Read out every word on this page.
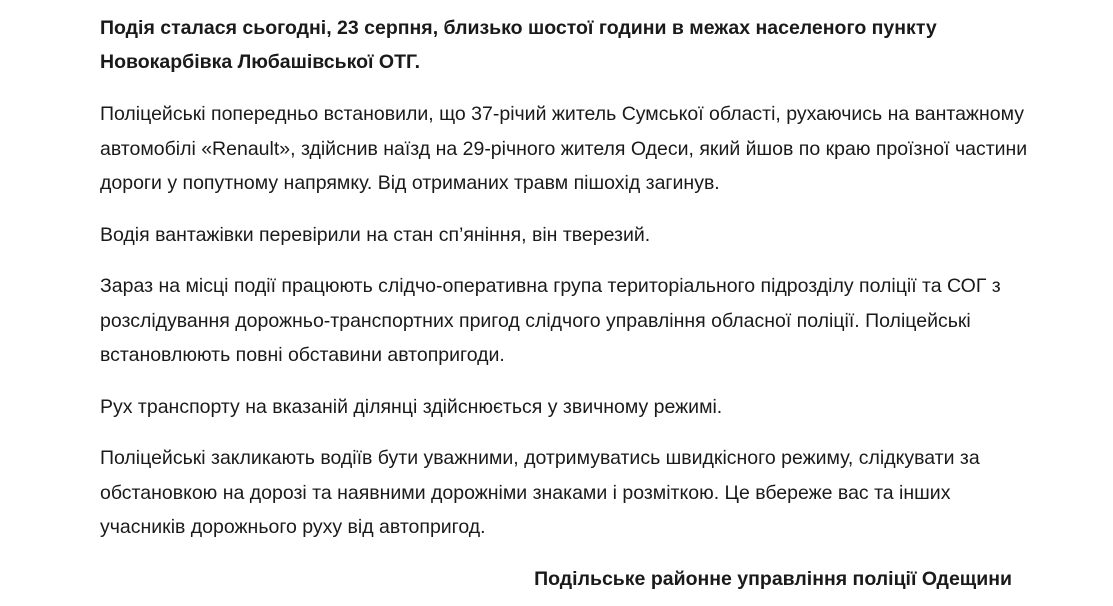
Подія сталася сьогодні, 23 серпня, близько шостої години в межах населеного пункту Новокарбівка Любашівської ОТГ.

Поліцейські попередньо встановили, що 37-річий житель Сумської області, рухаючись на вантажному автомобілі «Renault», здійснив наїзд на 29-річного жителя Одеси, який йшов по краю проїзної частини дороги у попутному напрямку. Від отриманих травм пішохід загинув.

Водія вантажівки перевірили на стан сп’яніння, він тверезий.

Зараз на місці події працюють слідчо-оперативна група територіального підрозділу поліції та СОГ з розслідування дорожньо-транспортних пригод слідчого управління обласної поліції. Поліцейські встановлюють повні обставини автопригоди.

Рух транспорту на вказаній ділянці здійснюється у звичному режимі.

Поліцейські закликають водіїв бути уважними, дотримуватись швидкісного режиму, слідкувати за обстановкою на дорозі та наявними дорожніми знаками і розміткою. Це вбереже вас та інших учасників дорожнього руху від автопригод.

Подільське районне управління поліції Одещини
